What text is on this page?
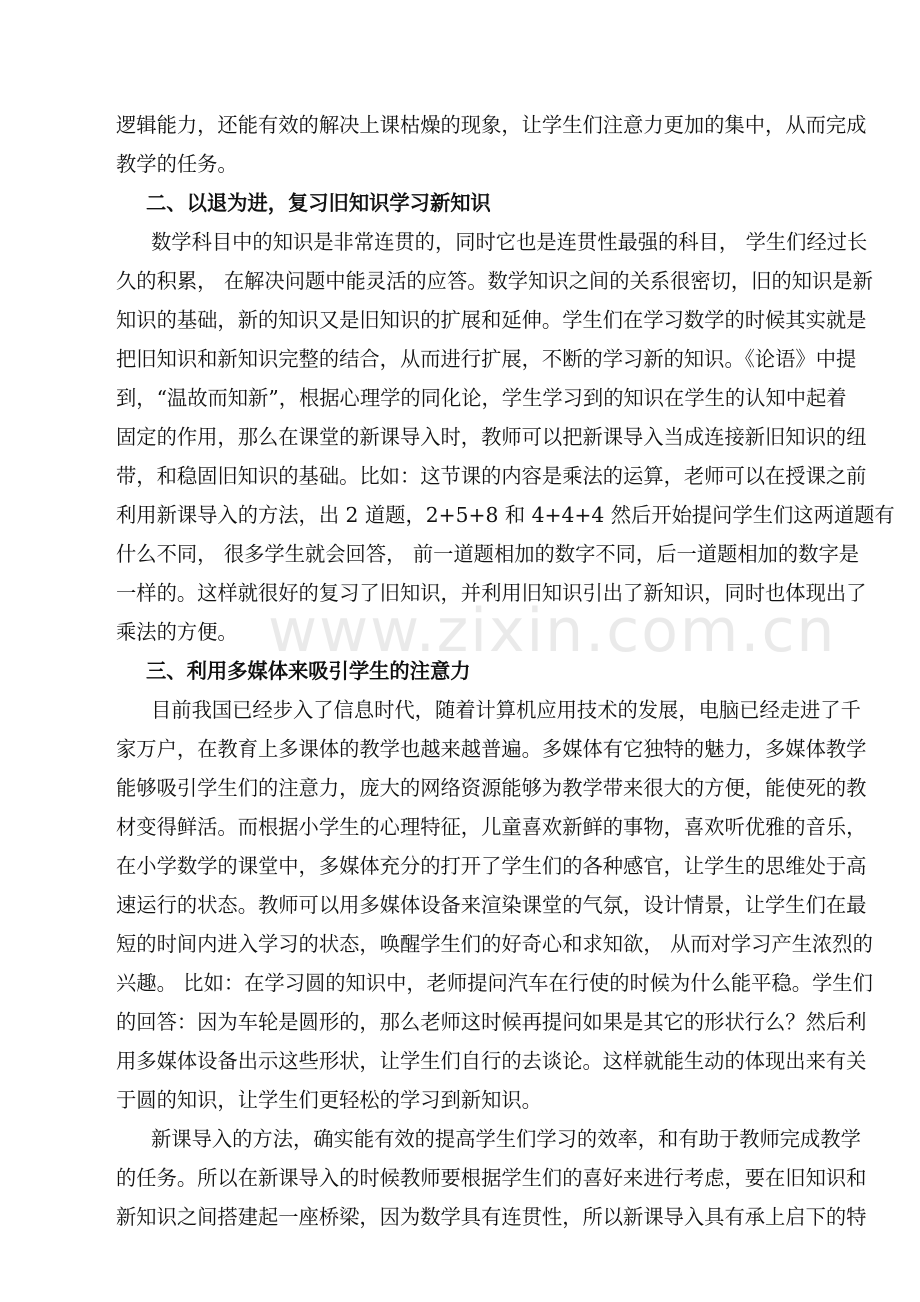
www.zixin.com.cn
逻辑能力，还能有效的解决上课枯燥的现象，让学生们注意力更加的集中，从而完成
教学的任务。
二、以退为进，复习旧知识学习新知识
数学科目中的知识是非常连贯的，同时它也是连贯性最强的科目， 学生们经过长
久的积累， 在解决问题中能灵活的应答。数学知识之间的关系很密切，旧的知识是新
知识的基础，新的知识又是旧知识的扩展和延伸。学生们在学习数学的时候其实就是
把旧知识和新知识完整的结合，从而进行扩展，不断的学习新的知识。《论语》中提
到，“温故而知新”，根据心理学的同化论，学生学习到的知识在学生的认知中起着
固定的作用，那么在课堂的新课导入时，教师可以把新课导入当成连接新旧知识的纽
带，和稳固旧知识的基础。比如：这节课的内容是乘法的运算，老师可以在授课之前
利用新课导入的方法，出 2 道题，2+5+8 和 4+4+4 然后开始提问学生们这两道题有
什么不同， 很多学生就会回答， 前一道题相加的数字不同，后一道题相加的数字是
一样的。这样就很好的复习了旧知识，并利用旧知识引出了新知识，同时也体现出了
乘法的方便。
三、利用多媒体来吸引学生的注意力
目前我国已经步入了信息时代，随着计算机应用技术的发展，电脑已经走进了千
家万户，在教育上多课体的教学也越来越普遍。多媒体有它独特的魅力，多媒体教学
能够吸引学生们的注意力，庞大的网络资源能够为教学带来很大的方便，能使死的教
材变得鲜活。而根据小学生的心理特征，儿童喜欢新鲜的事物，喜欢听优雅的音乐，
在小学数学的课堂中，多媒体充分的打开了学生们的各种感官，让学生的思维处于高
速运行的状态。教师可以用多媒体设备来渲染课堂的气氛，设计情景，让学生们在最
短的时间内进入学习的状态，唤醒学生们的好奇心和求知欲， 从而对学习产生浓烈的
兴趣。 比如：在学习圆的知识中，老师提问汽车在行使的时候为什么能平稳。学生们
的回答：因为车轮是圆形的，那么老师这时候再提问如果是其它的形状行么？然后利
用多媒体设备出示这些形状，让学生们自行的去谈论。这样就能生动的体现出来有关
于圆的知识，让学生们更轻松的学习到新知识。
新课导入的方法，确实能有效的提高学生们学习的效率，和有助于教师完成教学
的任务。所以在新课导入的时候教师要根据学生们的喜好来进行考虑，要在旧知识和
新知识之间搭建起一座桥梁，因为数学具有连贯性，所以新课导入具有承上启下的特
